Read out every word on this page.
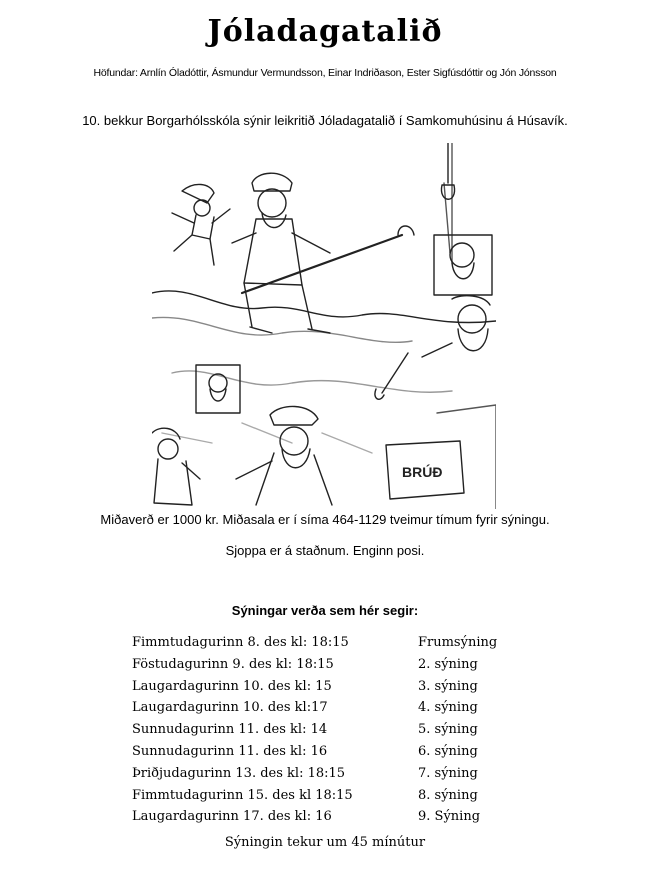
Jóladagatalið
Höfundar: Arnlín Óladóttir, Ásmundur Vermundsson, Einar Indriðason, Ester Sigfúsdóttir og Jón Jónsson
10. bekkur Borgarhólsskóla sýnir leikritið Jóladagatalið í Samkomuhúsinu á Húsavík.
BRÚÐ
Miðaverð er 1000 kr. Miðasala er í síma 464-1129 tveimur tímum fyrir sýningu.
Sjoppa er á staðnum. Enginn posi.
Sýningar verða sem hér segir:
Fimmtudagurinn 8. des kl: 18:15	Frumsýning
Föstudagurinn 9. des kl: 18:15	2. sýning
Laugardagurinn 10. des kl: 15	3. sýning
Laugardagurinn 10. des kl:17	4. sýning
Sunnudagurinn 11. des kl: 14	5. sýning
Sunnudagurinn 11. des kl: 16	6. sýning
Þriðjudagurinn 13. des kl: 18:15	7. sýning
Fimmtudagurinn 15. des kl 18:15	8. sýning
Laugardagurinn 17. des kl: 16	9. Sýning
Sýningin tekur um 45 mínútur
